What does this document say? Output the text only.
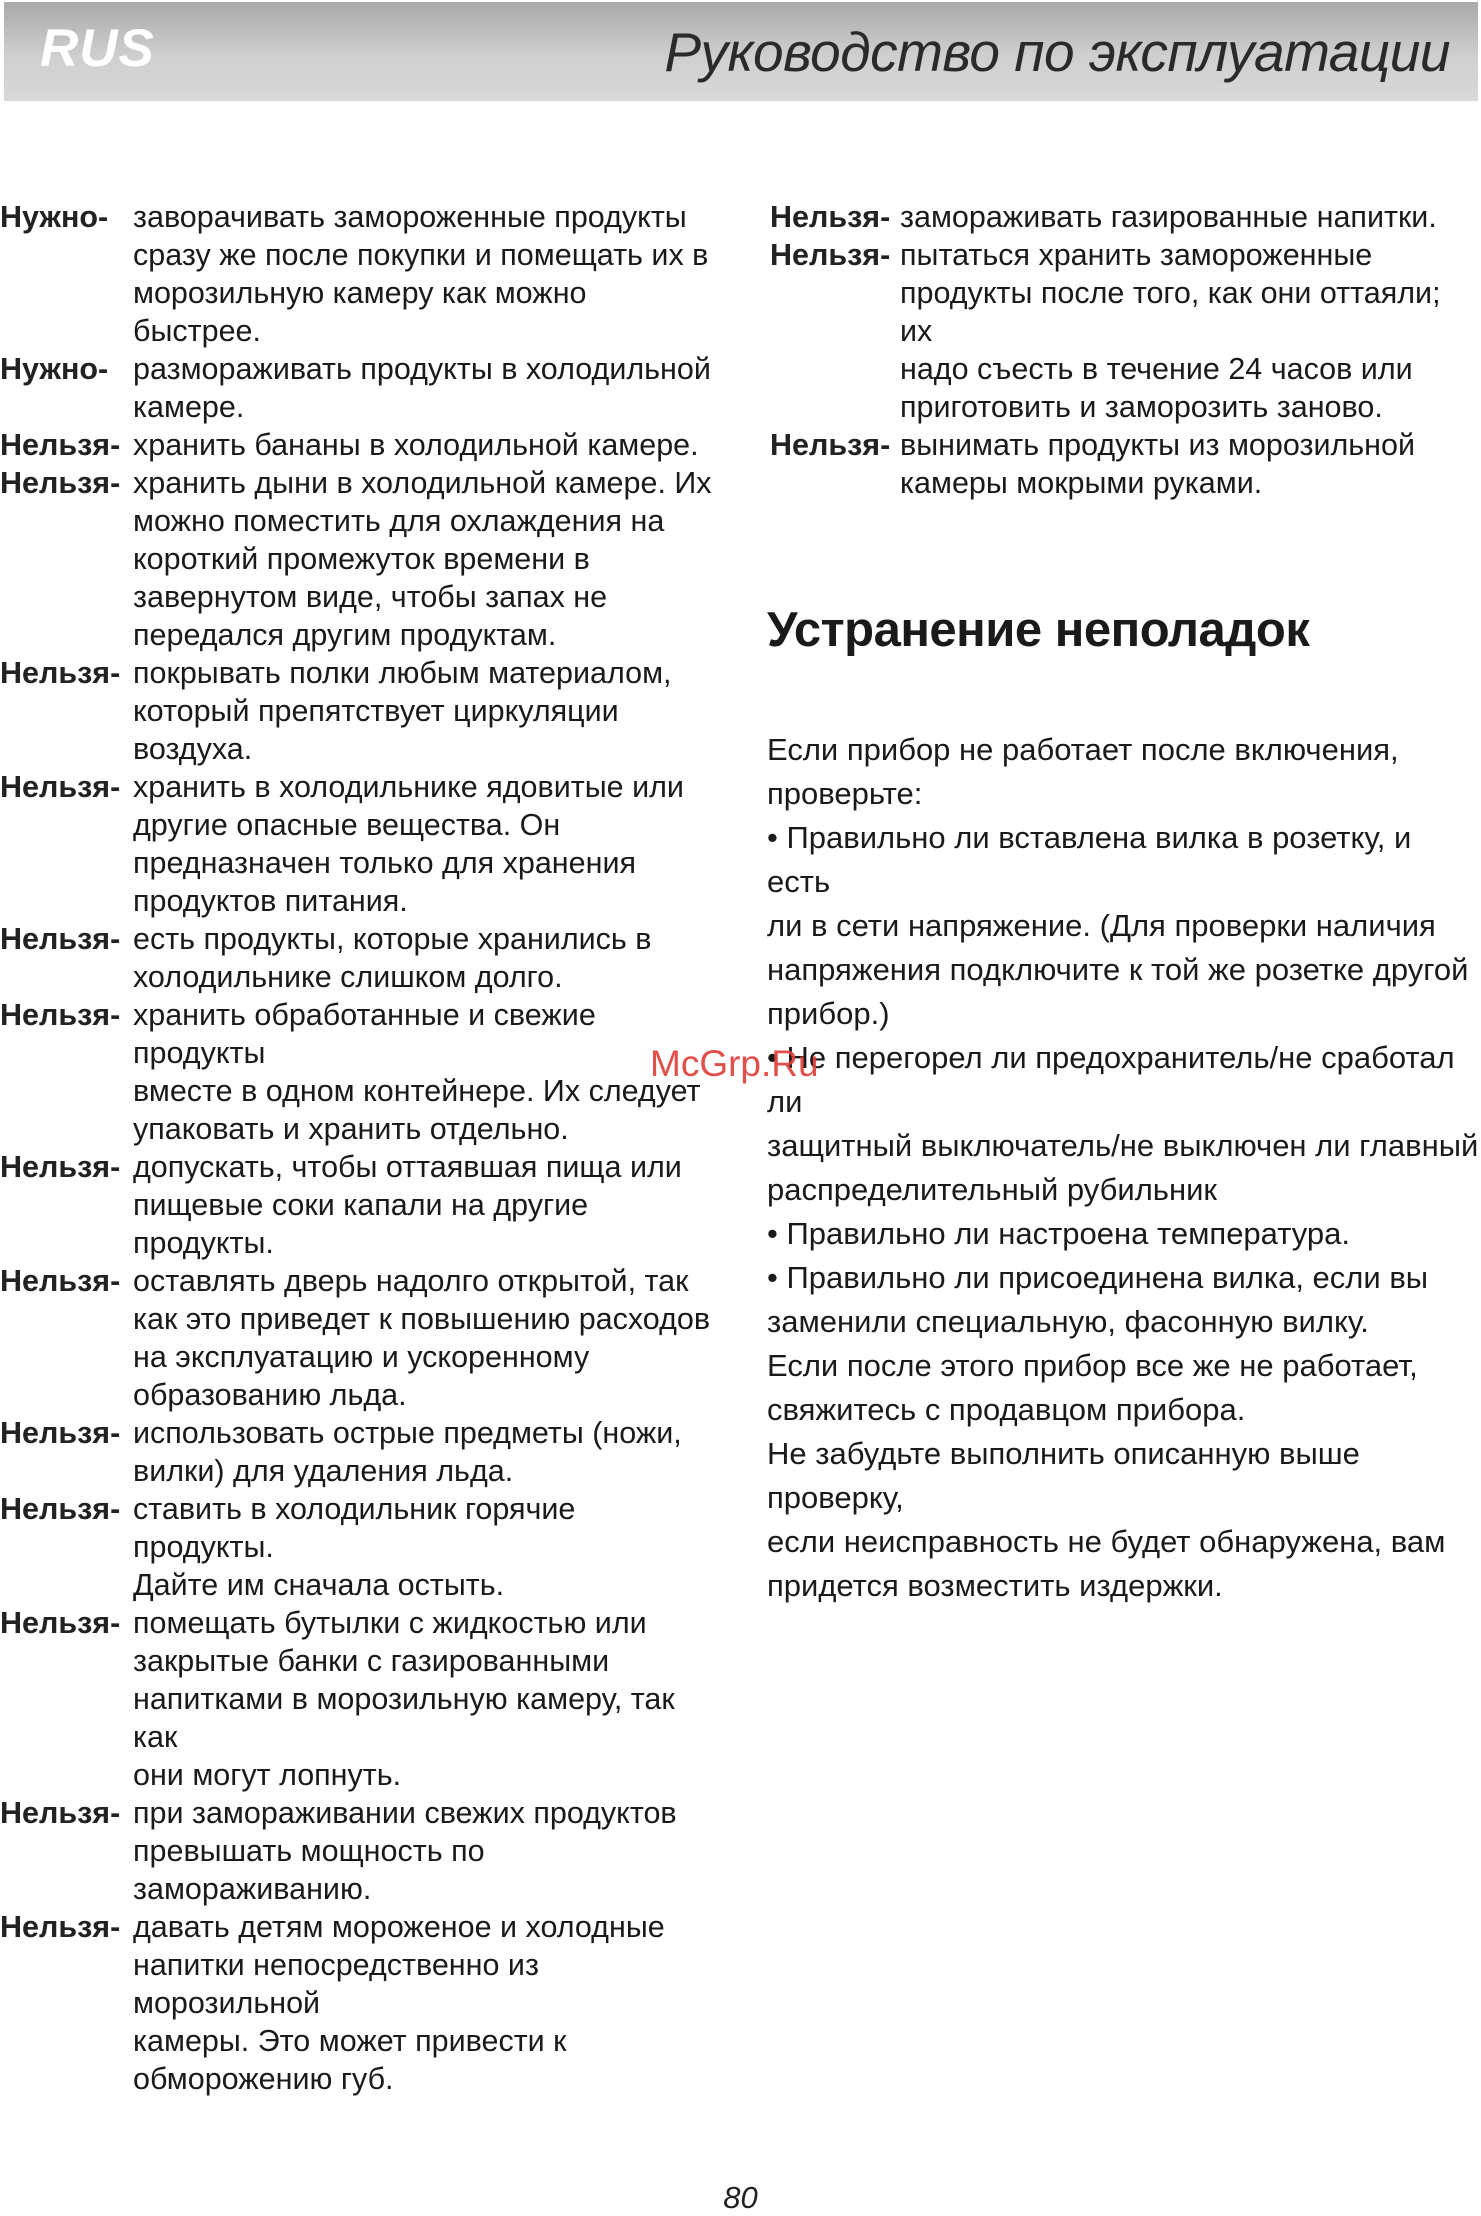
RUS	Руководство по эксплуатации
Нужно- заворачивать замороженные продукты
сразу же после покупки и помещать их в
морозильную камеру как можно быстрее.
Нужно- размораживать продукты в холодильной
камере.
Нельзя- хранить бананы в холодильной камере.
Нельзя- хранить дыни в холодильной камере. Их
можно поместить для охлаждения на
короткий промежуток времени в
завернутом виде, чтобы запах не
передался другим продуктам.
Нельзя- покрывать полки любым материалом,
который препятствует циркуляции воздуха.
Нельзя- хранить в холодильнике ядовитые или
другие опасные вещества. Он
предназначен только для хранения
продуктов питания.
Нельзя- есть продукты, которые хранились в
холодильнике слишком долго.
Нельзя- хранить обработанные и свежие продукты
вместе в одном контейнере. Их следует
упаковать и хранить отдельно.
Нельзя- допускать, чтобы оттаявшая пища или
пищевые соки капали на другие продукты.
Нельзя- оставлять дверь надолго открытой, так
как это приведет к повышению расходов
на эксплуатацию и ускоренному
образованию льда.
Нельзя- использовать острые предметы (ножи,
вилки) для удаления льда.
Нельзя- ставить в холодильник горячие продукты.
Дайте им сначала остыть.
Нельзя- помещать бутылки с жидкостью или
закрытые банки с газированными
напитками в морозильную камеру, так как
они могут лопнуть.
Нельзя- при замораживании свежих продуктов
превышать мощность по замораживанию.
Нельзя- давать детям мороженое и холодные
напитки непосредственно из морозильной
камеры. Это может привести к
обморожению губ.
Нельзя- замораживать газированные напитки.
Нельзя- пытаться хранить замороженные
продукты после того, как они оттаяли; их
надо съесть в течение 24 часов или
приготовить и заморозить заново.
Нельзя- вынимать продукты из морозильной
камеры мокрыми руками.
Устранение неполадок

Если прибор не работает после включения,
проверьте:

• Правильно ли вставлена вилка в розетку, и есть
ли в сети напряжение. (Для проверки наличия
напряжения подключите к той же розетке другой
прибор.)

• Не перегорел ли предохранитель/не сработал ли
защитный выключатель/не выключен ли главный
распределительный рубильник

• Правильно ли настроена температура.

• Правильно ли присоединена вилка, если вы
заменили специальную, фасонную вилку.

Если после этого прибор все же не работает,
свяжитесь с продавцом прибора.

Не забудьте выполнить описанную выше проверку,
если неисправность не будет обнаружена, вам
придется возместить издержки.

McGrp.Ru
80
